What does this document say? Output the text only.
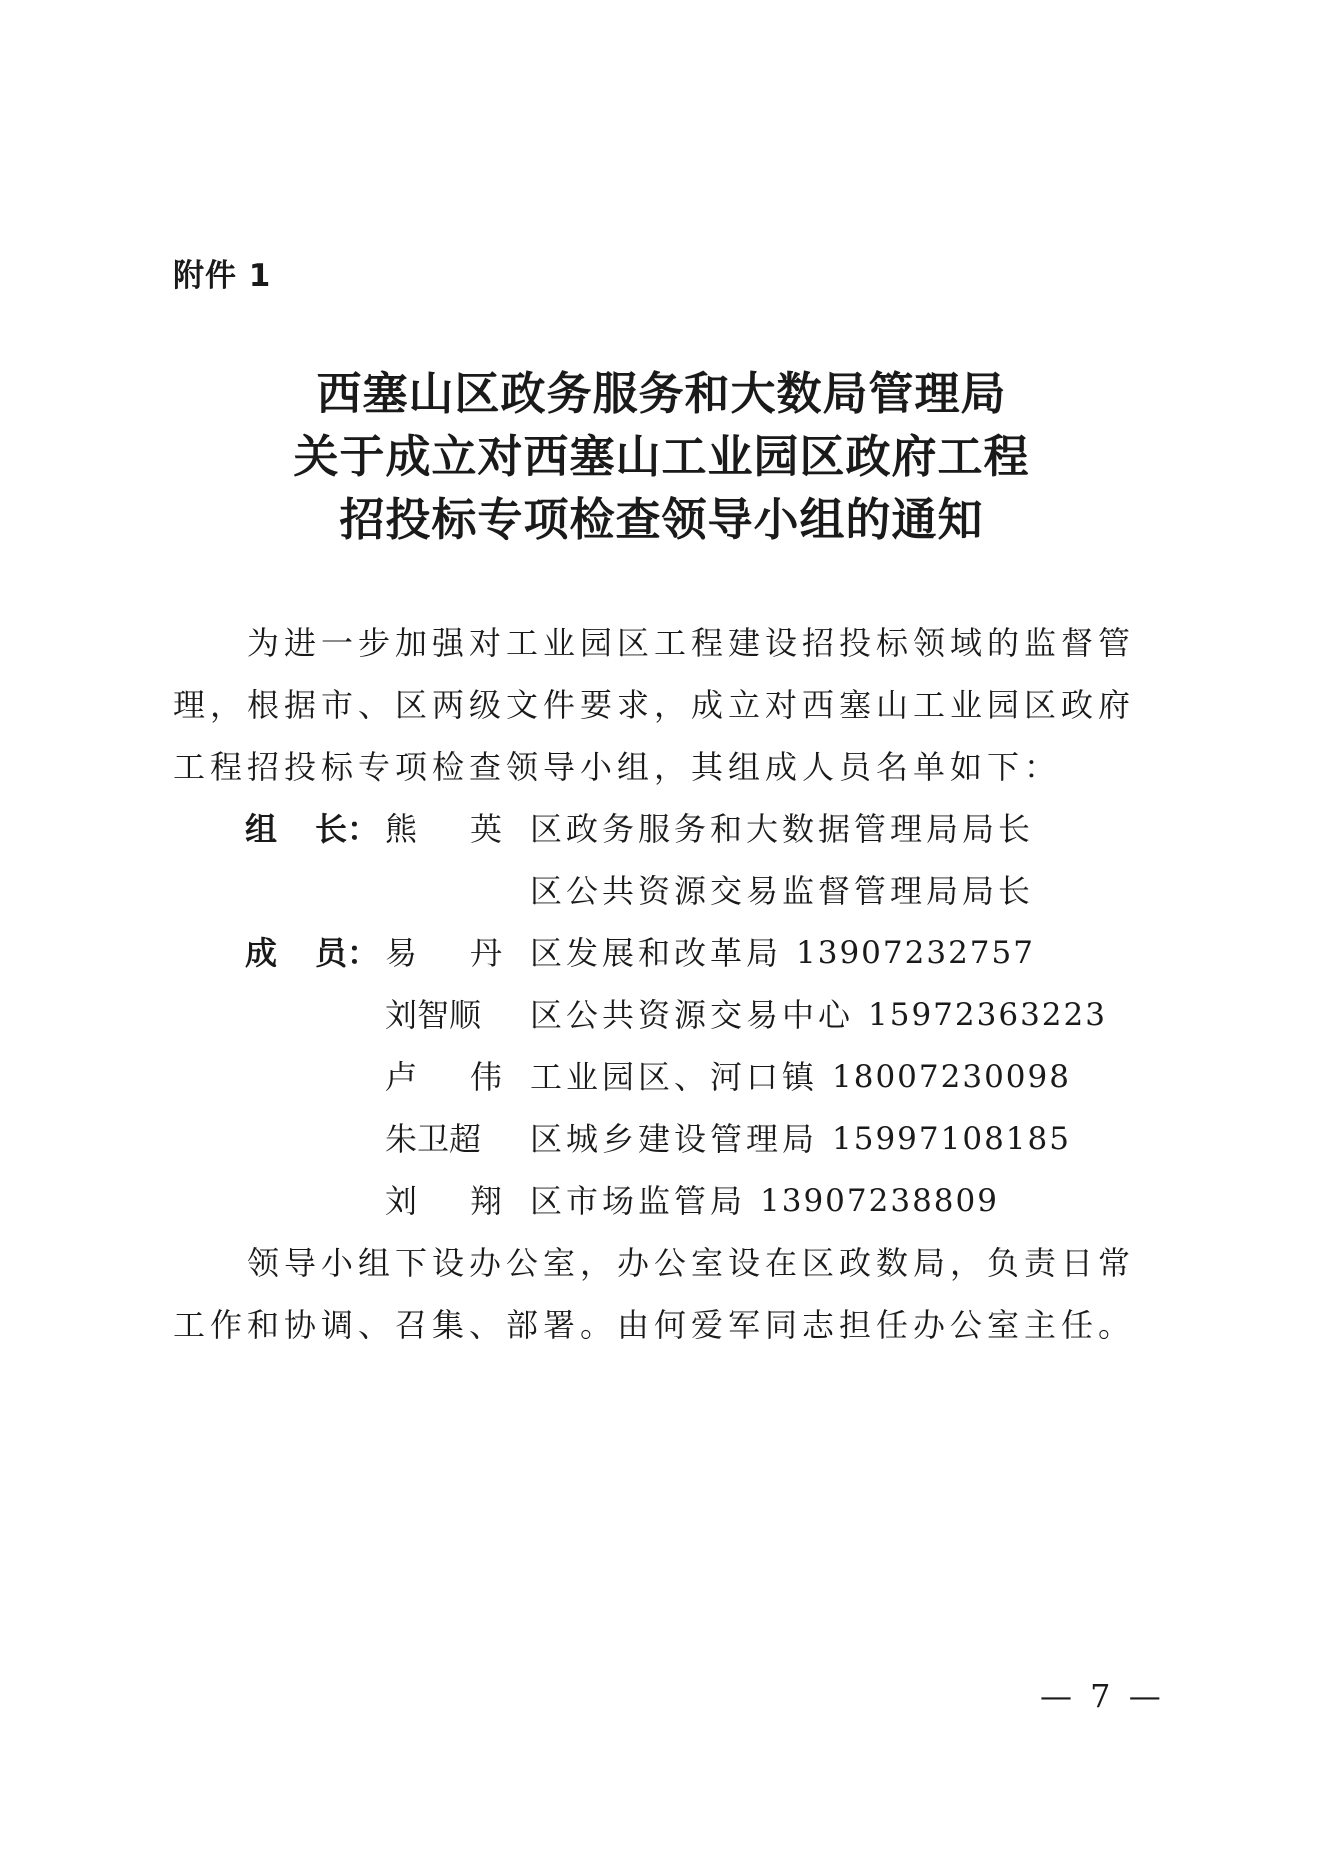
附件 1
西塞山区政务服务和大数局管理局
关于成立对西塞山工业园区政府工程
招投标专项检查领导小组的通知
为进一步加强对工业园区工程建设招投标领域的监督管理，根据市、区两级文件要求，成立对西塞山工业园区政府工程招投标专项检查领导小组，其组成人员名单如下：
组 长： 熊 英 区政务服务和大数据管理局局长
区公共资源交易监督管理局局长
成 员： 易 丹 区发展和改革局 13907232757
刘智顺 区公共资源交易中心 15972363223
卢 伟 工业园区、河口镇 18007230098
朱卫超 区城乡建设管理局 15997108185
刘 翔 区市场监管局 13907238809
领导小组下设办公室，办公室设在区政数局，负责日常工作和协调、召集、部署。由何爱军同志担任办公室主任。
— 7 —
